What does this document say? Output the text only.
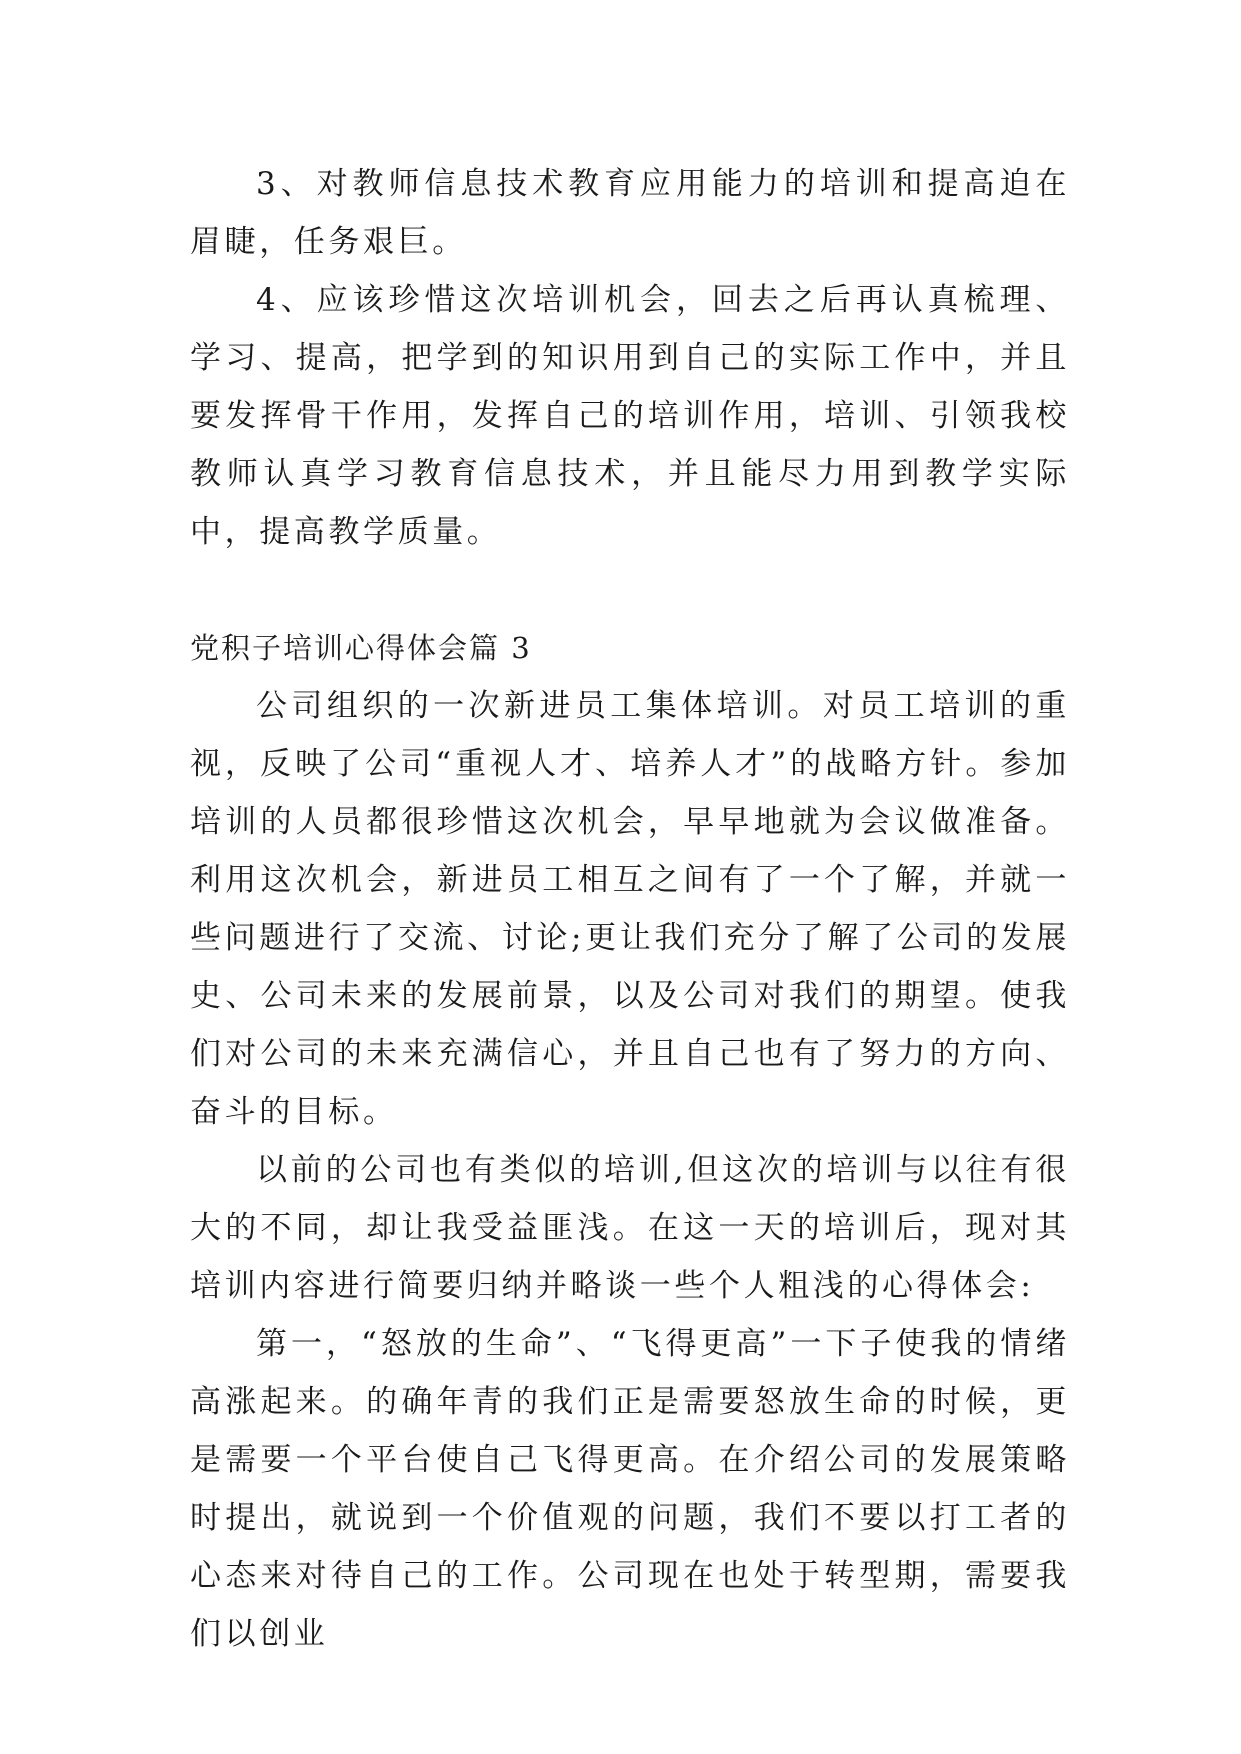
3、对教师信息技术教育应用能力的培训和提高迫在眉睫，任务艰巨。

4、应该珍惜这次培训机会，回去之后再认真梳理、学习、提高，把学到的知识用到自己的实际工作中，并且要发挥骨干作用，发挥自己的培训作用，培训、引领我校教师认真学习教育信息技术，并且能尽力用到教学实际中，提高教学质量。

党积子培训心得体会篇 3

公司组织的一次新进员工集体培训。对员工培训的重视，反映了公司“重视人才、培养人才”的战略方针。参加培训的人员都很珍惜这次机会，早早地就为会议做准备。利用这次机会，新进员工相互之间有了一个了解，并就一些问题进行了交流、讨论;更让我们充分了解了公司的发展史、公司未来的发展前景，以及公司对我们的期望。使我们对公司的未来充满信心，并且自己也有了努力的方向、奋斗的目标。

以前的公司也有类似的培训,但这次的培训与以往有很大的不同，却让我受益匪浅。在这一天的培训后，现对其培训内容进行简要归纳并略谈一些个人粗浅的心得体会:

第一，“怒放的生命”、“飞得更高”一下子使我的情绪高涨起来。的确年青的我们正是需要怒放生命的时候，更是需要一个平台使自己飞得更高。在介绍公司的发展策略时提出，就说到一个价值观的问题，我们不要以打工者的心态来对待自己的工作。公司现在也处于转型期，需要我们以创业
